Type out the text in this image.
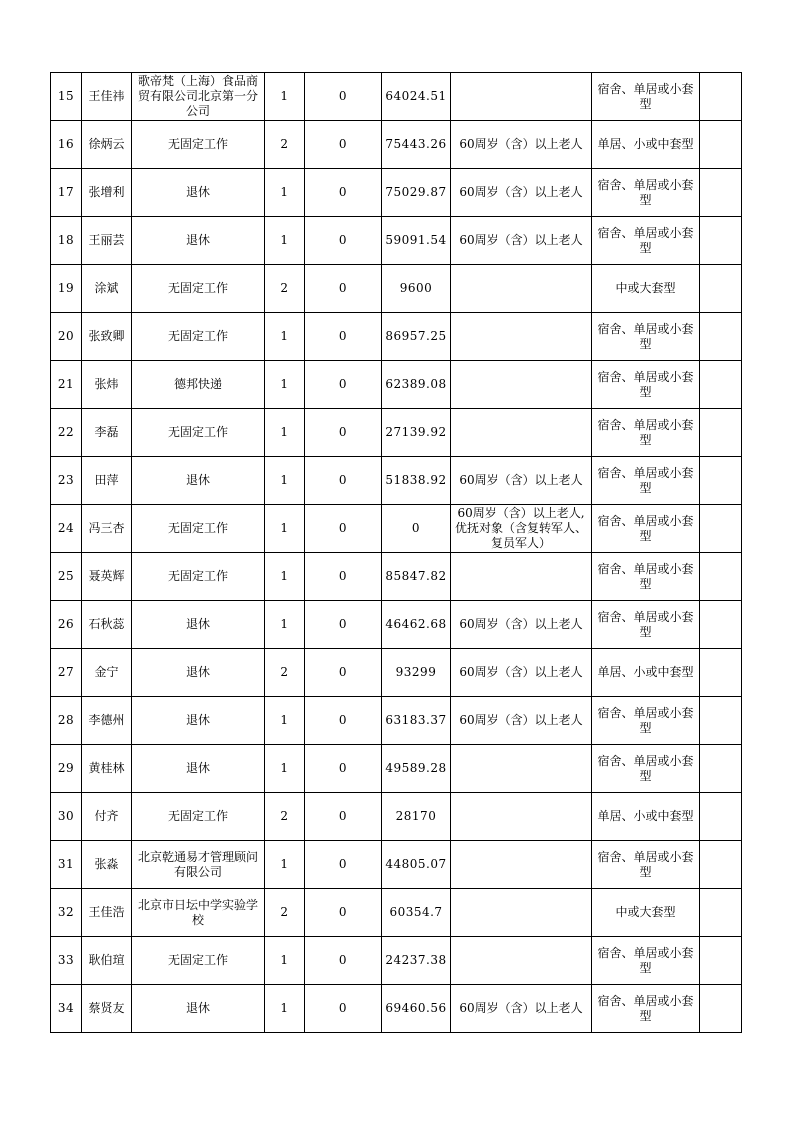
15	王佳祎	歌帝梵（上海）食品商贸有限公司北京第一分公司	1	0	64024.51		宿舍、单居或小套型	
16	徐炳云	无固定工作	2	0	75443.26	60周岁（含）以上老人	单居、小或中套型	
17	张增利	退休	1	0	75029.87	60周岁（含）以上老人	宿舍、单居或小套型	
18	王丽芸	退休	1	0	59091.54	60周岁（含）以上老人	宿舍、单居或小套型	
19	涂斌	无固定工作	2	0	9600		中或大套型	
20	张致卿	无固定工作	1	0	86957.25		宿舍、单居或小套型	
21	张炜	德邦快递	1	0	62389.08		宿舍、单居或小套型	
22	李磊	无固定工作	1	0	27139.92		宿舍、单居或小套型	
23	田萍	退休	1	0	51838.92	60周岁（含）以上老人	宿舍、单居或小套型	
24	冯三杏	无固定工作	1	0	0	60周岁（含）以上老人,优抚对象（含复转军人、复员军人）	宿舍、单居或小套型	
25	聂英辉	无固定工作	1	0	85847.82		宿舍、单居或小套型	
26	石秋蕊	退休	1	0	46462.68	60周岁（含）以上老人	宿舍、单居或小套型	
27	金宁	退休	2	0	93299	60周岁（含）以上老人	单居、小或中套型	
28	李德州	退休	1	0	63183.37	60周岁（含）以上老人	宿舍、单居或小套型	
29	黄桂林	退休	1	0	49589.28		宿舍、单居或小套型	
30	付齐	无固定工作	2	0	28170		单居、小或中套型	
31	张淼	北京乾通易才管理顾问有限公司	1	0	44805.07		宿舍、单居或小套型	
32	王佳浩	北京市日坛中学实验学校	2	0	60354.7		中或大套型	
33	耿伯瑄	无固定工作	1	0	24237.38		宿舍、单居或小套型	
34	蔡贤友	退休	1	0	69460.56	60周岁（含）以上老人	宿舍、单居或小套型	
